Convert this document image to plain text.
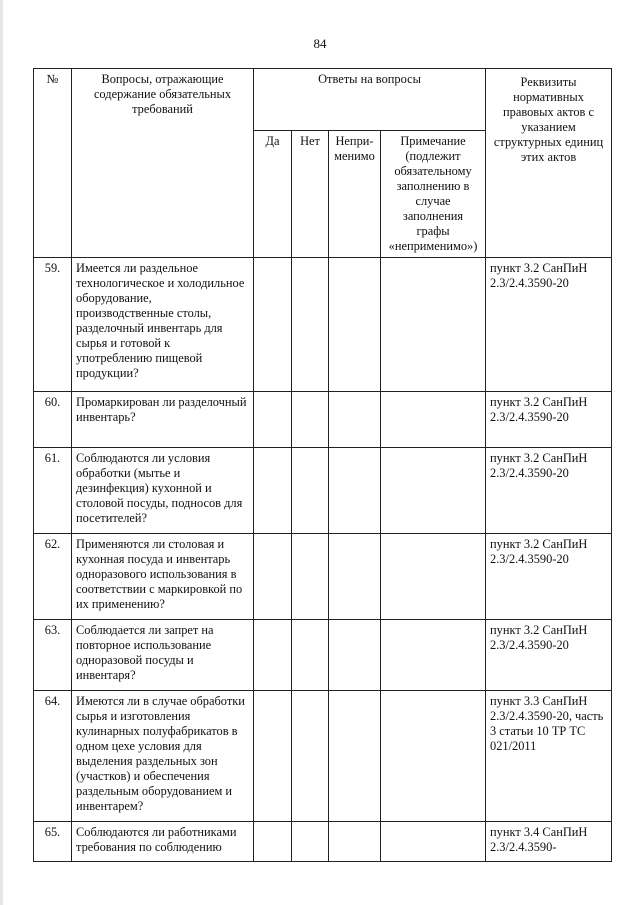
84
№	Вопросы, отражающие содержание обязательных требований	Ответы на вопросы				Реквизиты нормативных правовых актов с указанием структурных единиц этих актов
		Да	Нет	Непри-менимо	Примечание (подлежит обязательному заполнению в случае заполнения графы «неприменимо»)	
59.	Имеется ли раздельное технологическое и холодильное оборудование, производственные столы, разделочный инвентарь для сырья и готовой к употреблению пищевой продукции?					пункт 3.2 СанПиН 2.3/2.4.3590-20
60.	Промаркирован ли разделочный инвентарь?					пункт 3.2 СанПиН 2.3/2.4.3590-20
61.	Соблюдаются ли условия обработки (мытье и дезинфекция) кухонной и столовой посуды, подносов для посетителей?					пункт 3.2 СанПиН 2.3/2.4.3590-20
62.	Применяются ли столовая и кухонная посуда и инвентарь одноразового использования в соответствии с маркировкой по их применению?					пункт 3.2 СанПиН 2.3/2.4.3590-20
63.	Соблюдается ли запрет на повторное использование одноразовой посуды и инвентаря?					пункт 3.2 СанПиН 2.3/2.4.3590-20
64.	Имеются ли в случае обработки сырья и изготовления кулинарных полуфабрикатов в одном цехе условия для выделения раздельных зон (участков) и обеспечения раздельным оборудованием и инвентарем?					пункт 3.3 СанПиН 2.3/2.4.3590-20, часть 3 статьи 10 ТР ТС 021/2011
65.	Соблюдаются ли работниками требования по соблюдению					пункт 3.4 СанПиН 2.3/2.4.3590-
